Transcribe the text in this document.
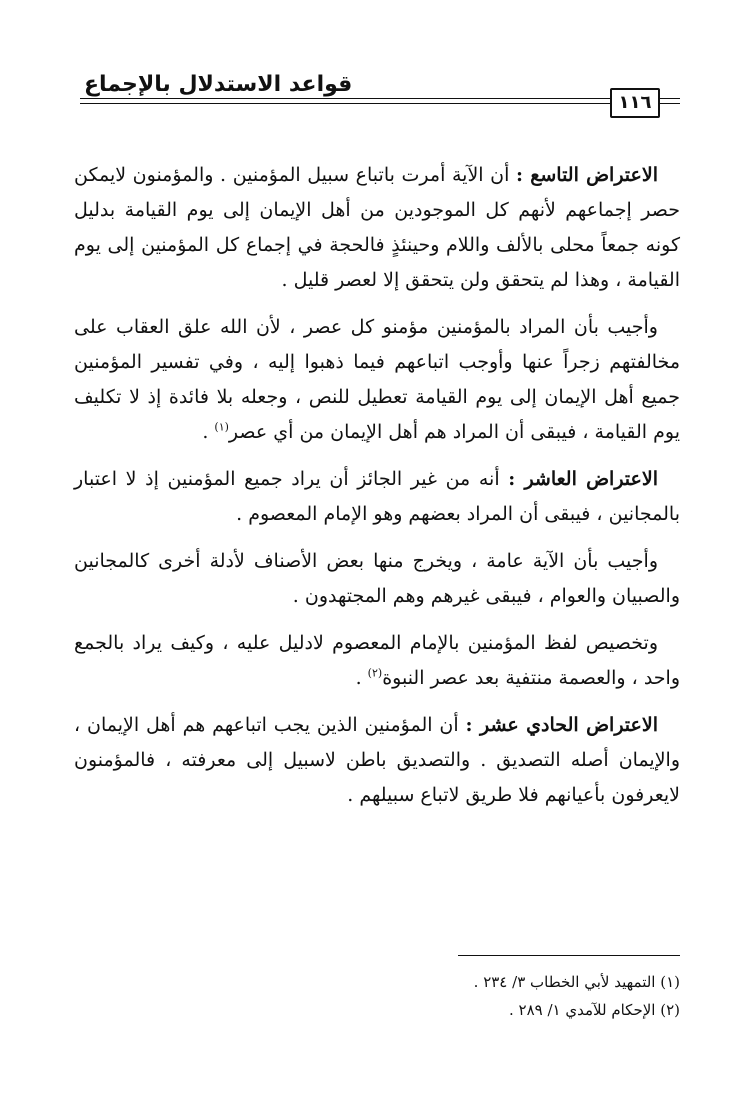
قواعد الاستدلال بالإجماع
١١٦

الاعتراض التاسع : أن الآية أمرت باتباع سبيل المؤمنين . والمؤمنون لايمكن حصر إجماعهم لأنهم كل الموجودين من أهل الإيمان إلى يوم القيامة بدليل كونه جمعاً محلى بالألف واللام وحينئذٍ فالحجة في إجماع كل المؤمنين إلى يوم القيامة ، وهذا لم يتحقق ولن يتحقق إلا لعصر قليل .

وأجيب بأن المراد بالمؤمنين مؤمنو كل عصر ، لأن الله علق العقاب على مخالفتهم زجراً عنها وأوجب اتباعهم فيما ذهبوا إليه ، وفي تفسير المؤمنين جميع أهل الإيمان إلى يوم القيامة تعطيل للنص ، وجعله بلا فائدة إذ لا تكليف يوم القيامة ، فيبقى أن المراد هم أهل الإيمان من أي عصر$^{(١)}$ .

الاعتراض العاشر : أنه من غير الجائز أن يراد جميع المؤمنين إذ لا اعتبار بالمجانين ، فيبقى أن المراد بعضهم وهو الإمام المعصوم .

وأجيب بأن الآية عامة ، ويخرج منها بعض الأصناف لأدلة أخرى كالمجانين والصبيان والعوام ، فيبقى غيرهم وهم المجتهدون .

وتخصيص لفظ المؤمنين بالإمام المعصوم لادليل عليه ، وكيف يراد بالجمع واحد ، والعصمة منتفية بعد عصر النبوة$^{(٢)}$ .

الاعتراض الحادي عشر : أن المؤمنين الذين يجب اتباعهم هم أهل الإيمان ، والإيمان أصله التصديق . والتصديق باطن لاسبيل إلى معرفته ، فالمؤمنون لايعرفون بأعيانهم فلا طريق لاتباع سبيلهم .

(١) التمهيد لأبي الخطاب ٣/ ٢٣٤ .

(٢) الإحكام للآمدي ١/ ٢٨٩ .
